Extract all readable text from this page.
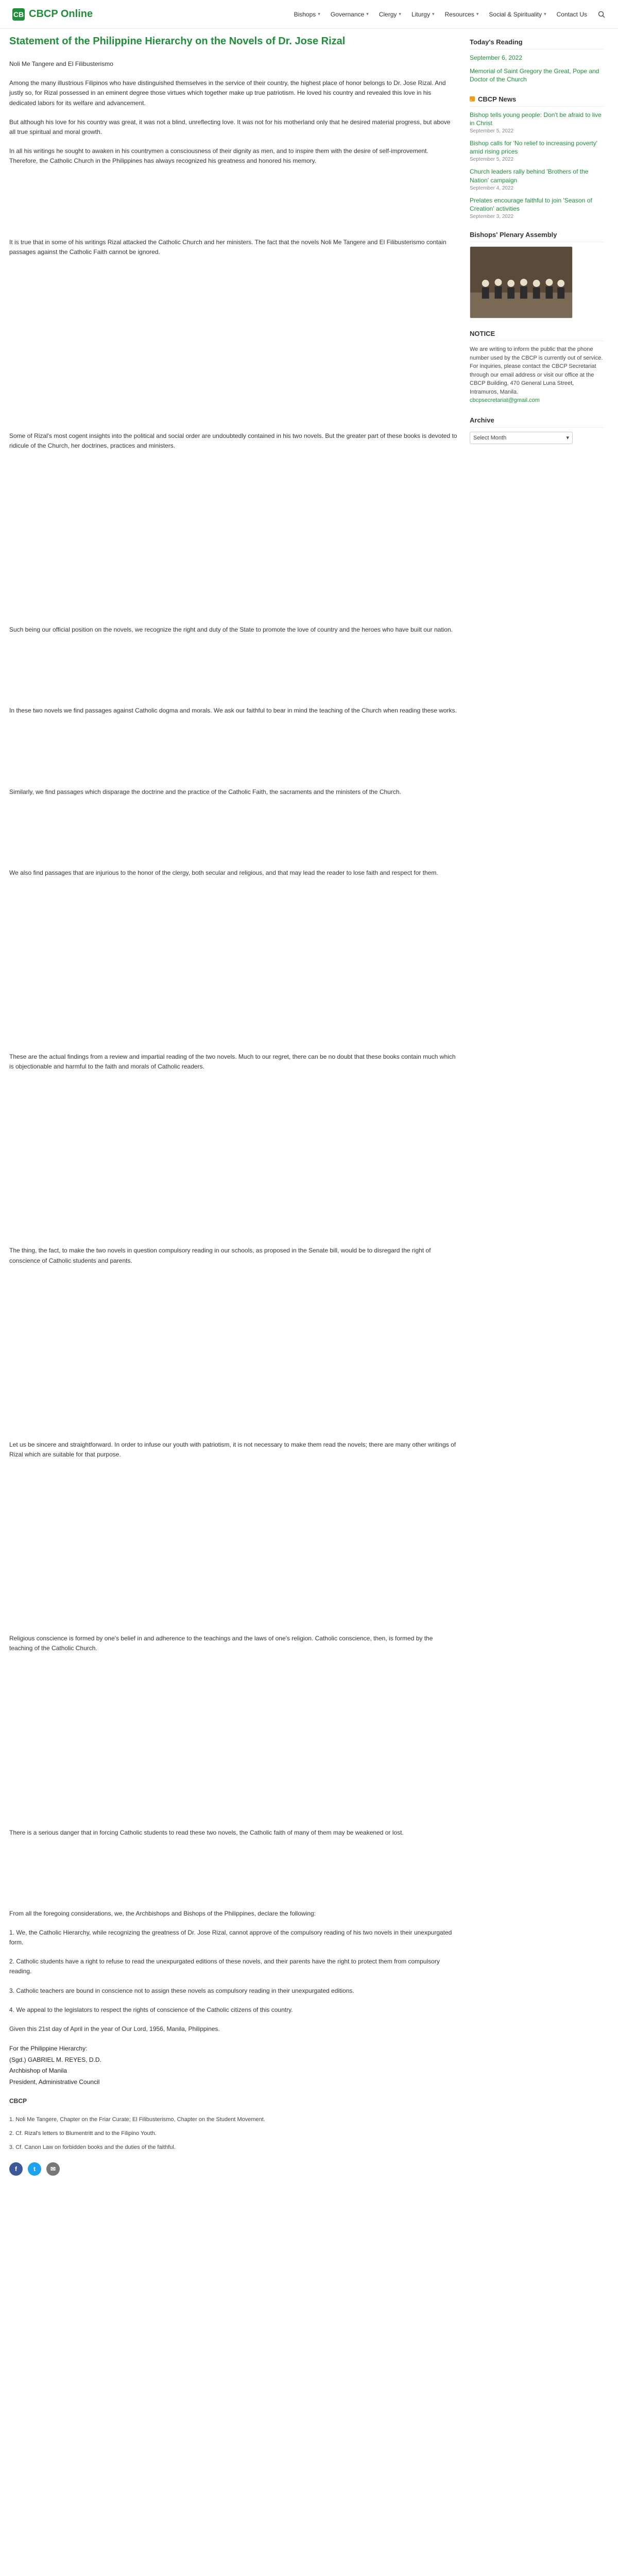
CB CBCP Online	Bishops ▾ Governance ▾ Clergy ▾ Liturgy ▾ Resources ▾ Social & Spirituality ▾ Contact Us
Statement of the Philippine Hierarchy on the Novels of Dr. Jose Rizal

Noli Me Tangere and El Filibusterismo

Among the many illustrious Filipinos who have distinguished themselves in the service of their country, the highest place of honor belongs to Dr. Jose Rizal. And justly so, for Rizal possessed in an eminent degree those virtues which together make up true patriotism. He loved his country and revealed this love in his dedicated labors for its welfare and advancement.

But although his love for his country was great, it was not a blind, unreflecting love. It was not for his motherland only that he desired material progress, but above all true spiritual and moral growth.

In all his writings he sought to awaken in his countrymen a consciousness of their dignity as men, and to inspire them with the desire of self-improvement. Therefore, the Catholic Church in the Philippines has always recognized his greatness and honored his memory.

It is true that in some of his writings Rizal attacked the Catholic Church and her ministers. The fact that the novels Noli Me Tangere and El Filibusterismo contain passages against the Catholic Faith cannot be ignored.

Some of Rizal's most cogent insights into the political and social order are undoubtedly contained in his two novels. But the greater part of these books is devoted to ridicule of the Church, her doctrines, practices and ministers.

Such being our official position on the novels, we recognize the right and duty of the State to promote the love of country and the heroes who have built our nation.

In these two novels we find passages against Catholic dogma and morals. We ask our faithful to bear in mind the teaching of the Church when reading these works.

Similarly, we find passages which disparage the doctrine and the practice of the Catholic Faith, the sacraments and the ministers of the Church.

We also find passages that are injurious to the honor of the clergy, both secular and religious, and that may lead the reader to lose faith and respect for them.

These are the actual findings from a review and impartial reading of the two novels. Much to our regret, there can be no doubt that these books contain much which is objectionable and harmful to the faith and morals of Catholic readers.

The thing, the fact, to make the two novels in question compulsory reading in our schools, as proposed in the Senate bill, would be to disregard the right of conscience of Catholic students and parents.

Let us be sincere and straightforward. In order to infuse our youth with patriotism, it is not necessary to make them read the novels; there are many other writings of Rizal which are suitable for that purpose.

Religious conscience is formed by one's belief in and adherence to the teachings and the laws of one's religion. Catholic conscience, then, is formed by the teaching of the Catholic Church.

There is a serious danger that in forcing Catholic students to read these two novels, the Catholic faith of many of them may be weakened or lost.

From all the foregoing considerations, we, the Archbishops and Bishops of the Philippines, declare the following:

1. We, the Catholic Hierarchy, while recognizing the greatness of Dr. Jose Rizal, cannot approve of the compulsory reading of his two novels in their unexpurgated form.

2. Catholic students have a right to refuse to read the unexpurgated editions of these novels, and their parents have the right to protect them from compulsory reading.

3. Catholic teachers are bound in conscience not to assign these novels as compulsory reading in their unexpurgated editions.

4. We appeal to the legislators to respect the rights of conscience of the Catholic citizens of this country.

Given this 21st day of April in the year of Our Lord, 1956, Manila, Philippines.

For the Philippine Hierarchy:
(Sgd.) GABRIEL M. REYES, D.D.
Archbishop of Manila
President, Administrative Council
CBCP

1. Noli Me Tangere, Chapter on the Friar Curate; El Filibusterismo, Chapter on the Student Movement.

2. Cf. Rizal's letters to Blumentritt and to the Filipino Youth.

3. Cf. Canon Law on forbidden books and the duties of the faithful.

f	t	✉
Today's Reading
September 6, 2022
Memorial of Saint Gregory the Great, Pope and Doctor of the Church
CBCP News
Bishop tells young people: Don't be afraid to live in Christ
September 5, 2022
Bishop calls for 'No relief to increasing poverty' amid rising prices
September 5, 2022
Church leaders rally behind 'Brothers of the Nation' campaign
September 4, 2022
Prelates encourage faithful to join 'Season of Creation' activities
September 3, 2022
Bishops' Plenary Assembly
NOTICE

We are writing to inform the public that the phone number used by the CBCP is currently out of service. For inquiries, please contact the CBCP Secretariat through our email address or visit our office at the CBCP Building, 470 General Luna Street, Intramuros, Manila.

cbcpsecretariat@gmail.com
Archive
Select Month	▾
